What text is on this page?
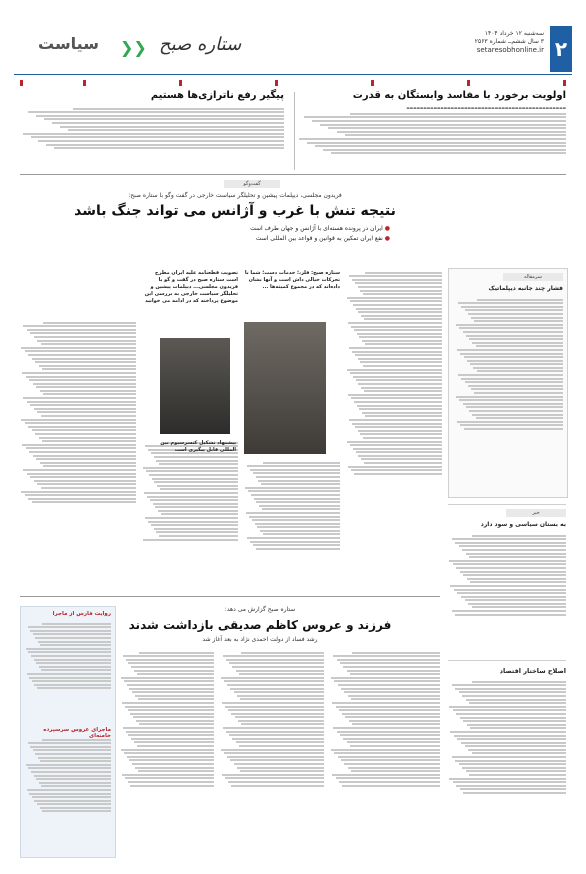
٢
سه‌شنبه ۱۲ خرداد ۱۴۰۴
۳ سال ششم‌ــ شماره ۲۵۶۳
setaresobhonline.ir
ستاره صبح
❮❮
سیاست
اولویت برخورد با مفاسد وابستگان به قدرت
▬▬▬▬▬▬▬▬▬▬▬▬▬▬▬▬▬▬▬▬▬▬▬▬▬▬▬▬▬▬▬▬▬▬▬▬▬▬▬▬▬▬▬▬▬▬▬
پیگیر رفع ناترازی‌ها هستیم
گفت‌وگو
فریدون مجلسی، دیپلمات پیشین و تحلیلگر سیاست خارجی در گفت وگو با ستاره صبح:
نتیجه تنش با غرب و آژانس می تواند جنگ باشد
● ایران در پرونده هسته‌ای با آژانس و جهان طرف است
● نفع ایران تمکین به قوانین و قواعد بین المللی است
سرمقاله
فشار چند جانبه دیپلماتیک
خبر
به بستان سیاسی و سود دارد
ستاره صبح: فلز،؛ خدمات دست؛ شما با تحرکات خیالی داش است و آنها نشان داده‌اند که در مجموع کمیته‌ها ...
تصویب قطعنامه علیه ایران مطرح است ستاره صبح در گفت و گو با فریدون مجلسی... دیپلمات پیشین و تحلیلگر سیاست خارجی به بررسی این موضوع پرداخته که در ادامه می خوانید
پیشنهاد تشکیل کنسرسیوم بین المللی قابل پیگیری است
ستاره صبح گزارش می دهد:
فرزند و عروس کاظم صدیقی بازداشت شدند
رشد فساد از دولت احمدی نژاد به بعد آغاز شد
روایت فارس از ماجرا
ماجرای عروس سرسپرده خامنه‌ای
اصلاح ساختار اقتصاد
